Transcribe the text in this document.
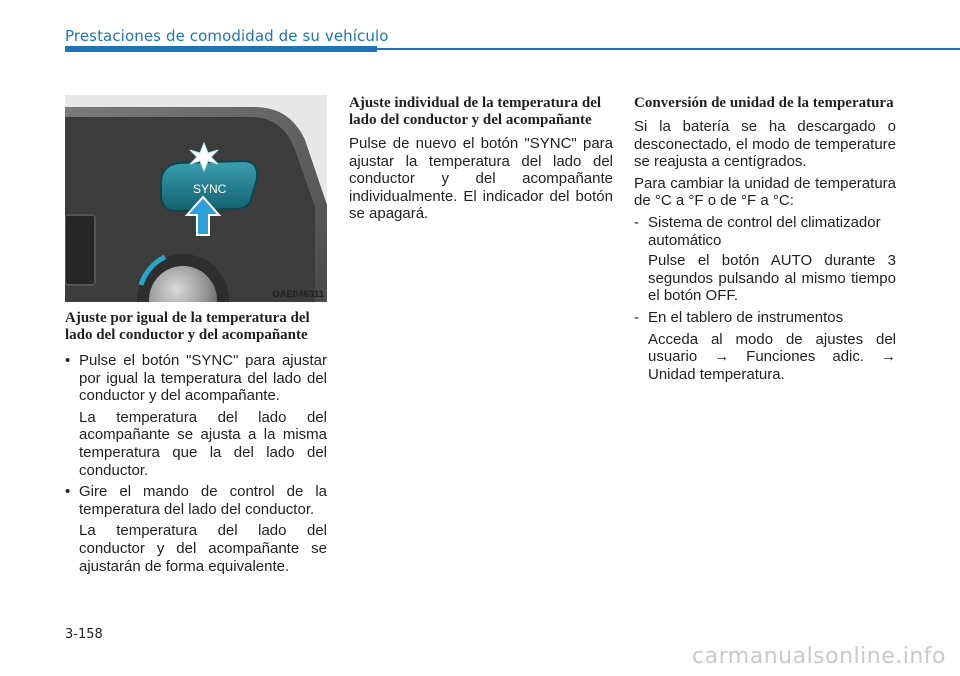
Prestaciones de comodidad de su vehículo
SYNC
OAE046311
Ajuste por igual de la temperatura del lado del conductor y del acompañante
• Pulse el botón "SYNC" para ajustar por igual la temperatura del lado del conductor y del acompañante.
La temperatura del lado del acompañante se ajusta a la misma temperatura que la del lado del conductor.
• Gire el mando de control de la temperatura del lado del conductor.
La temperatura del lado del conductor y del acompañante se ajustarán de forma equivalente.
Ajuste individual de la temperatura del lado del conductor y del acompañante

Pulse de nuevo el botón "SYNC" para ajustar la temperatura del lado del conductor y del acompañante individualmente. El indicador del botón se apagará.

Conversión de unidad de la temperatura

Si la batería se ha descargado o desconectado, el modo de temperature se reajusta a centígrados.

Para cambiar la unidad de temperatura de °C a °F o de °F a °C:

- Sistema de control del climatizador automático
Pulse el botón AUTO durante 3 segundos pulsando al mismo tiempo el botón OFF.
- En el tablero de instrumentos
Acceda al modo de ajustes del usuario → Funciones adic. → Unidad temperatura.
3-158
carmanualsonline.info
